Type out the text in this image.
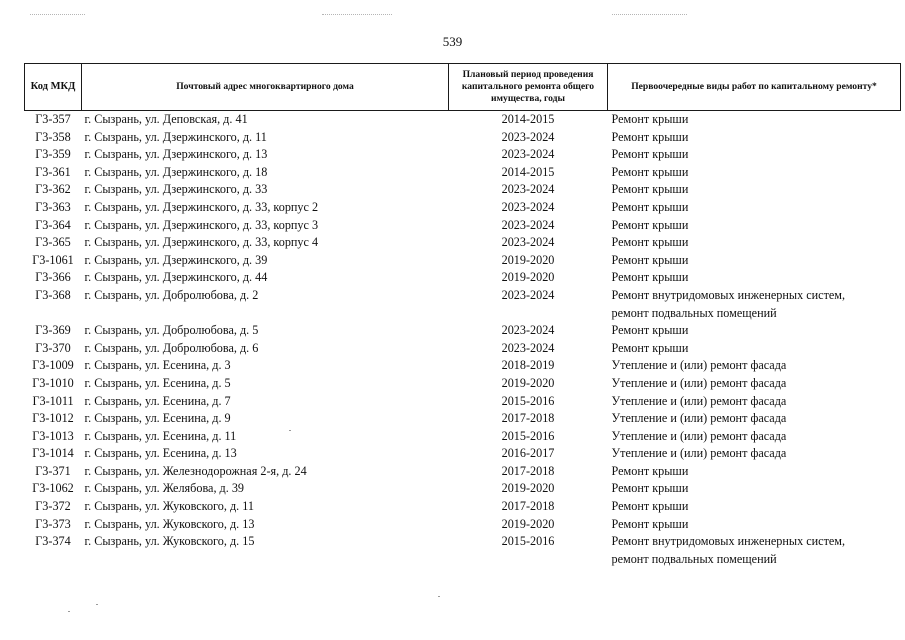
539
Код МКД	Почтовый адрес многоквартирного дома	Плановый период проведения капитального ремонта общего имущества, годы	Первоочередные виды работ по капитальному ремонту*
Г3-357	г. Сызрань, ул. Деповская, д. 41	2014-2015	Ремонт крыши
Г3-358	г. Сызрань, ул. Дзержинского, д. 11	2023-2024	Ремонт крыши
Г3-359	г. Сызрань, ул. Дзержинского, д. 13	2023-2024	Ремонт крыши
Г3-361	г. Сызрань, ул. Дзержинского, д. 18	2014-2015	Ремонт крыши
Г3-362	г. Сызрань, ул. Дзержинского, д. 33	2023-2024	Ремонт крыши
Г3-363	г. Сызрань, ул. Дзержинского, д. 33, корпус 2	2023-2024	Ремонт крыши
Г3-364	г. Сызрань, ул. Дзержинского, д. 33, корпус 3	2023-2024	Ремонт крыши
Г3-365	г. Сызрань, ул. Дзержинского, д. 33, корпус 4	2023-2024	Ремонт крыши
Г3-1061	г. Сызрань, ул. Дзержинского, д. 39	2019-2020	Ремонт крыши
Г3-366	г. Сызрань, ул. Дзержинского, д. 44	2019-2020	Ремонт крыши
Г3-368	г. Сызрань, ул. Добролюбова, д. 2	2023-2024	Ремонт внутридомовых инженерных систем,
ремонт подвальных помещений
Г3-369	г. Сызрань, ул. Добролюбова, д. 5	2023-2024	Ремонт крыши
Г3-370	г. Сызрань, ул. Добролюбова, д. 6	2023-2024	Ремонт крыши
Г3-1009	г. Сызрань, ул. Есенина, д. 3	2018-2019	Утепление и (или) ремонт фасада
Г3-1010	г. Сызрань, ул. Есенина, д. 5	2019-2020	Утепление и (или) ремонт фасада
Г3-1011	г. Сызрань, ул. Есенина, д. 7	2015-2016	Утепление и (или) ремонт фасада
Г3-1012	г. Сызрань, ул. Есенина, д. 9	2017-2018	Утепление и (или) ремонт фасада
Г3-1013	г. Сызрань, ул. Есенина, д. 11	2015-2016	Утепление и (или) ремонт фасада
Г3-1014	г. Сызрань, ул. Есенина, д. 13	2016-2017	Утепление и (или) ремонт фасада
Г3-371	г. Сызрань, ул. Железнодорожная 2-я, д. 24	2017-2018	Ремонт крыши
Г3-1062	г. Сызрань, ул. Желябова, д. 39	2019-2020	Ремонт крыши
Г3-372	г. Сызрань, ул. Жуковского, д. 11	2017-2018	Ремонт крыши
Г3-373	г. Сызрань, ул. Жуковского, д. 13	2019-2020	Ремонт крыши
Г3-374	г. Сызрань, ул. Жуковского, д. 15	2015-2016	Ремонт внутридомовых инженерных систем,
ремонт подвальных помещений
